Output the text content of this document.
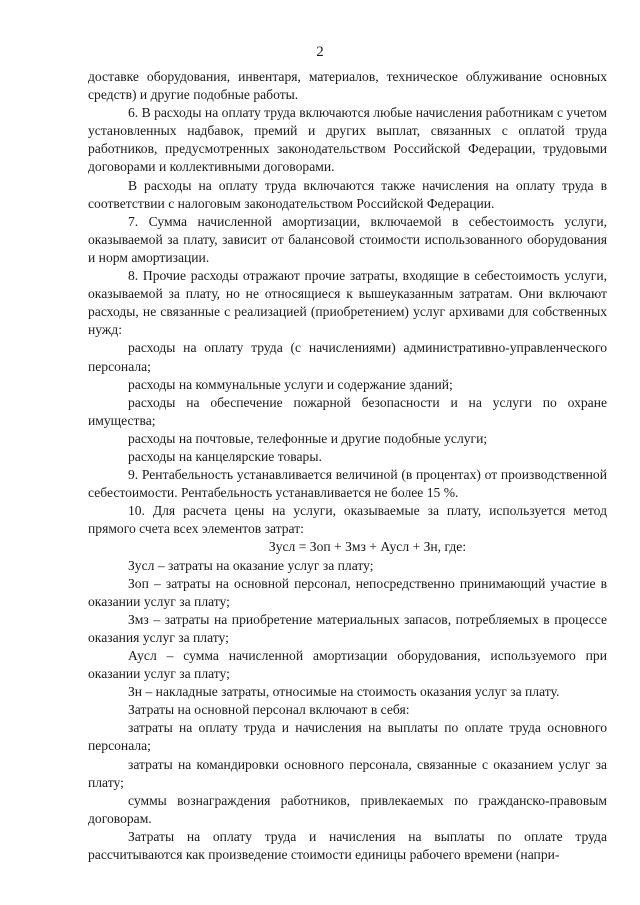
2

доставке оборудования, инвентаря, материалов, техническое облуживание основных средств) и другие подобные работы.

6. В расходы на оплату труда включаются любые начисления работникам с учетом установленных надбавок, премий и других выплат, связанных с оплатой труда работников, предусмотренных законодательством Российской Федерации, трудовыми договорами и коллективными договорами.

В расходы на оплату труда включаются также начисления на оплату труда в соответствии с налоговым законодательством Российской Федерации.

7. Сумма начисленной амортизации, включаемой в себестоимость услуги, оказываемой за плату, зависит от балансовой стоимости использованного оборудования и норм амортизации.

8. Прочие расходы отражают прочие затраты, входящие в себестоимость услуги, оказываемой за плату, но не относящиеся к вышеуказанным затратам. Они включают расходы, не связанные с реализацией (приобретением) услуг архивами для собственных нужд:

расходы на оплату труда (с начислениями) административно-управленческого персонала;

расходы на коммунальные услуги и содержание зданий;

расходы на обеспечение пожарной безопасности и на услуги по охране имущества;

расходы на почтовые, телефонные и другие подобные услуги;

расходы на канцелярские товары.

9. Рентабельность устанавливается величиной (в процентах) от производственной себестоимости. Рентабельность устанавливается не более 15 %.

10. Для расчета цены на услуги, оказываемые за плату, используется метод прямого счета всех элементов затрат:

Зусл = Зоп + Змз + Аусл + Зн, где:

Зусл – затраты на оказание услуг за плату;

Зоп – затраты на основной персонал, непосредственно принимающий участие в оказании услуг за плату;

Змз – затраты на приобретение материальных запасов, потребляемых в процессе оказания услуг за плату;

Аусл – сумма начисленной амортизации оборудования, используемого при оказании услуг за плату;

Зн – накладные затраты, относимые на стоимость оказания услуг за плату.

Затраты на основной персонал включают в себя:

затраты на оплату труда и начисления на выплаты по оплате труда основного персонала;

затраты на командировки основного персонала, связанные с оказанием услуг за плату;

суммы вознаграждения работников, привлекаемых по гражданско-правовым договорам.

Затраты на оплату труда и начисления на выплаты по оплате труда рассчитываются как произведение стоимости единицы рабочего времени (напри-
